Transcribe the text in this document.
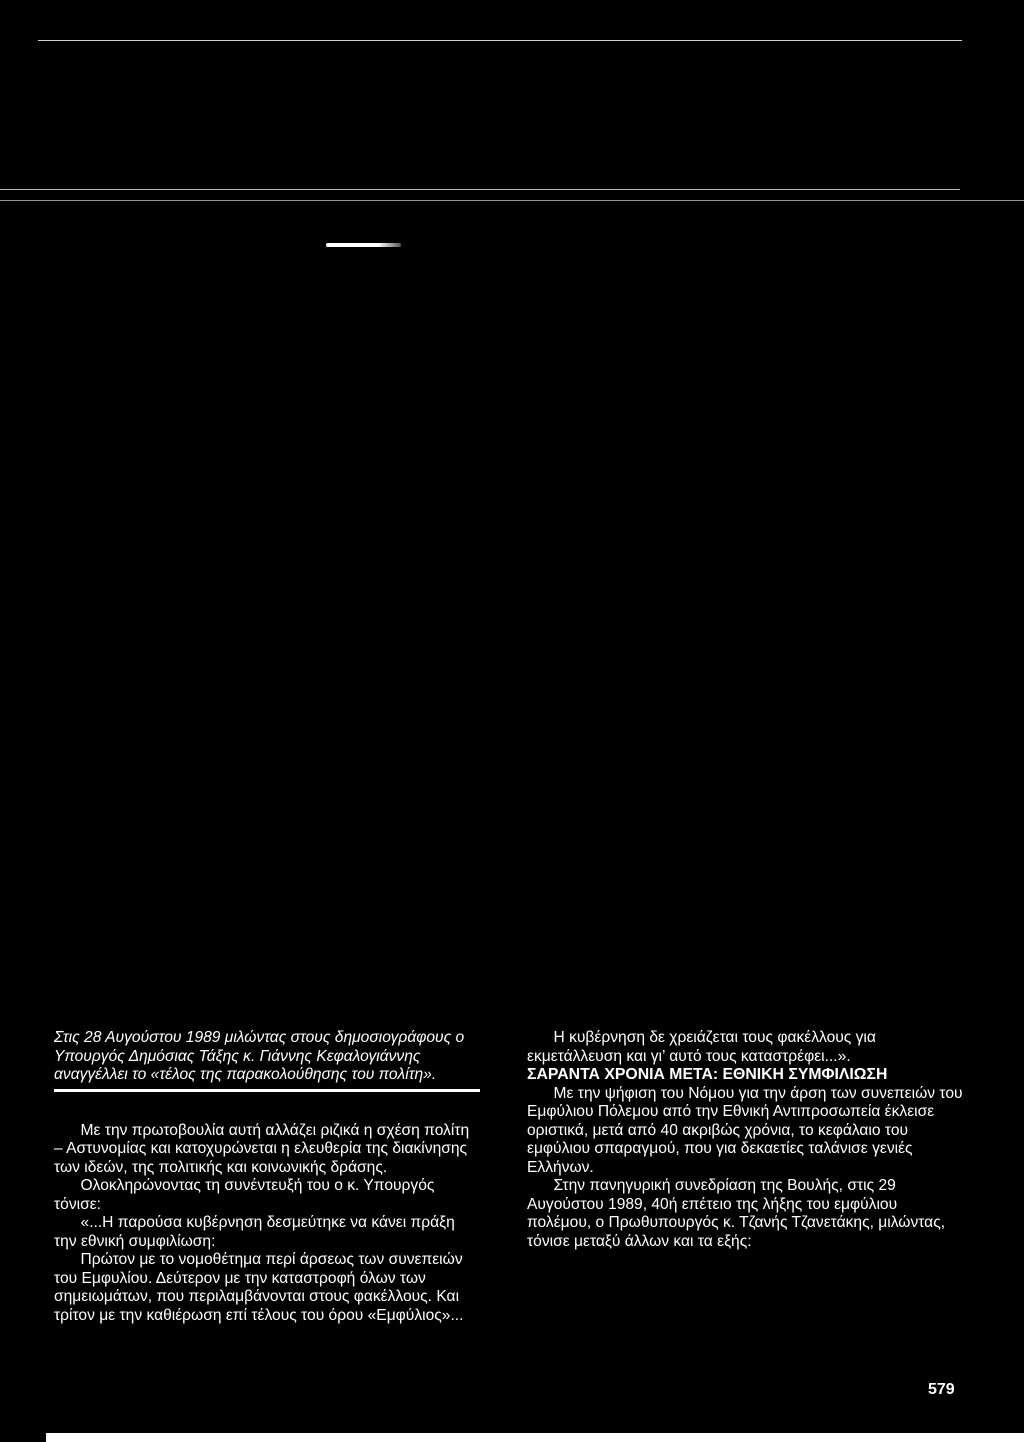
Στις 28 Αυγούστου 1989 μιλώντας στους δημοσιογράφους ο Υπουργός Δημόσιας Τάξης κ. Γιάννης Κεφαλογιάννης αναγγέλλει το «τέλος της παρακολούθησης του πολίτη».

Με την πρωτοβουλία αυτή αλλάζει ριζικά η σχέση πολίτη – Αστυνομίας και κατοχυρώνεται η ελευθερία της διακίνησης των ιδεών, της πολιτικής και κοινωνικής δράσης.

Ολοκληρώνοντας τη συνέντευξή του ο κ. Υπουργός τόνισε:

«...Η παρούσα κυβέρνηση δεσμεύτηκε να κάνει πράξη την εθνική συμφιλίωση:

Πρώτον με το νομοθέτημα περί άρσεως των συνεπειών του Εμφυλίου. Δεύτερον με την καταστροφή όλων των σημειωμάτων, που περιλαμβάνονται στους φακέλλους. Και τρίτον με την καθιέρωση επί τέλους του όρου «Εμφύλιος»...

Η κυβέρνηση δε χρειάζεται τους φακέλλους για εκμετάλλευση και γι’ αυτό τους καταστρέφει...».

ΣΑΡΑΝΤΑ ΧΡΟΝΙΑ ΜΕΤΑ: ΕΘΝΙΚΗ ΣΥΜΦΙΛΙΩΣΗ

Με την ψήφιση του Νόμου για την άρση των συνεπειών του Εμφύλιου Πόλεμου από την Εθνική Αντιπροσωπεία έκλεισε οριστικά, μετά από 40 ακριβώς χρόνια, το κεφάλαιο του εμφύλιου σπαραγμού, που για δεκαετίες ταλάνισε γενιές Ελλήνων.

Στην πανηγυρική συνεδρίαση της Βουλής, στις 29 Αυγούστου 1989, 40ή επέτειο της λήξης του εμφύλιου πολέμου, ο Πρωθυπουργός κ. Τζανής Τζανετάκης, μιλώντας, τόνισε μεταξύ άλλων και τα εξής:

579
